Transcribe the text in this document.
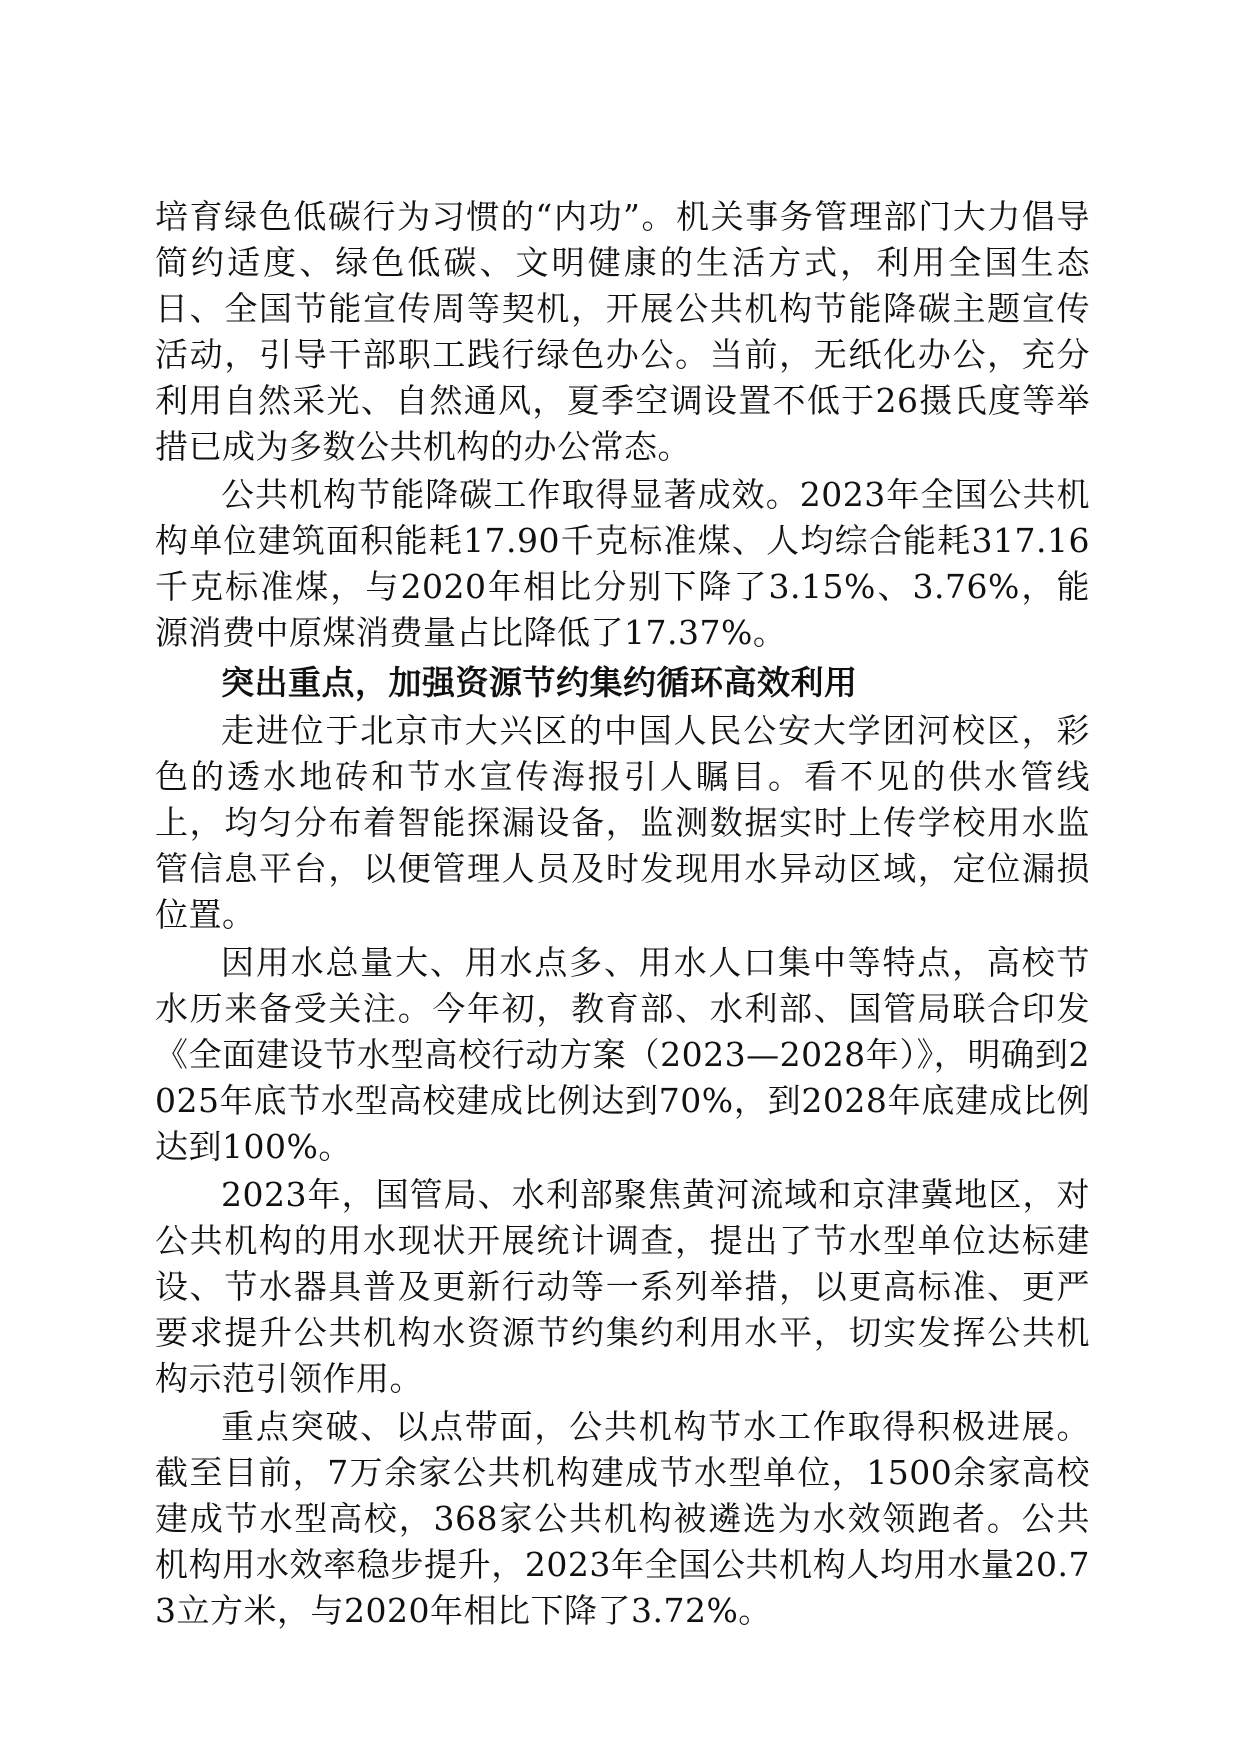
培育绿色低碳行为习惯的“内功”。机关事务管理部门大力倡导简约适度、绿色低碳、文明健康的生活方式，利用全国生态日、全国节能宣传周等契机，开展公共机构节能降碳主题宣传活动，引导干部职工践行绿色办公。当前，无纸化办公，充分利用自然采光、自然通风，夏季空调设置不低于26摄氏度等举措已成为多数公共机构的办公常态。

公共机构节能降碳工作取得显著成效。2023年全国公共机构单位建筑面积能耗17.90千克标准煤、人均综合能耗317.16千克标准煤，与2020年相比分别下降了3.15%、3.76%，能源消费中原煤消费量占比降低了17.37%。

突出重点，加强资源节约集约循环高效利用

走进位于北京市大兴区的中国人民公安大学团河校区，彩色的透水地砖和节水宣传海报引人瞩目。看不见的供水管线上，均匀分布着智能探漏设备，监测数据实时上传学校用水监管信息平台，以便管理人员及时发现用水异动区域，定位漏损位置。

因用水总量大、用水点多、用水人口集中等特点，高校节水历来备受关注。今年初，教育部、水利部、国管局联合印发《全面建设节水型高校行动方案（2023—2028年）》，明确到2025年底节水型高校建成比例达到70%，到2028年底建成比例达到100%。

2023年，国管局、水利部聚焦黄河流域和京津冀地区，对公共机构的用水现状开展统计调查，提出了节水型单位达标建设、节水器具普及更新行动等一系列举措，以更高标准、更严要求提升公共机构水资源节约集约利用水平，切实发挥公共机构示范引领作用。

重点突破、以点带面，公共机构节水工作取得积极进展。截至目前，7万余家公共机构建成节水型单位，1500余家高校建成节水型高校，368家公共机构被遴选为水效领跑者。公共机构用水效率稳步提升，2023年全国公共机构人均用水量20.73立方米，与2020年相比下降了3.72%。
